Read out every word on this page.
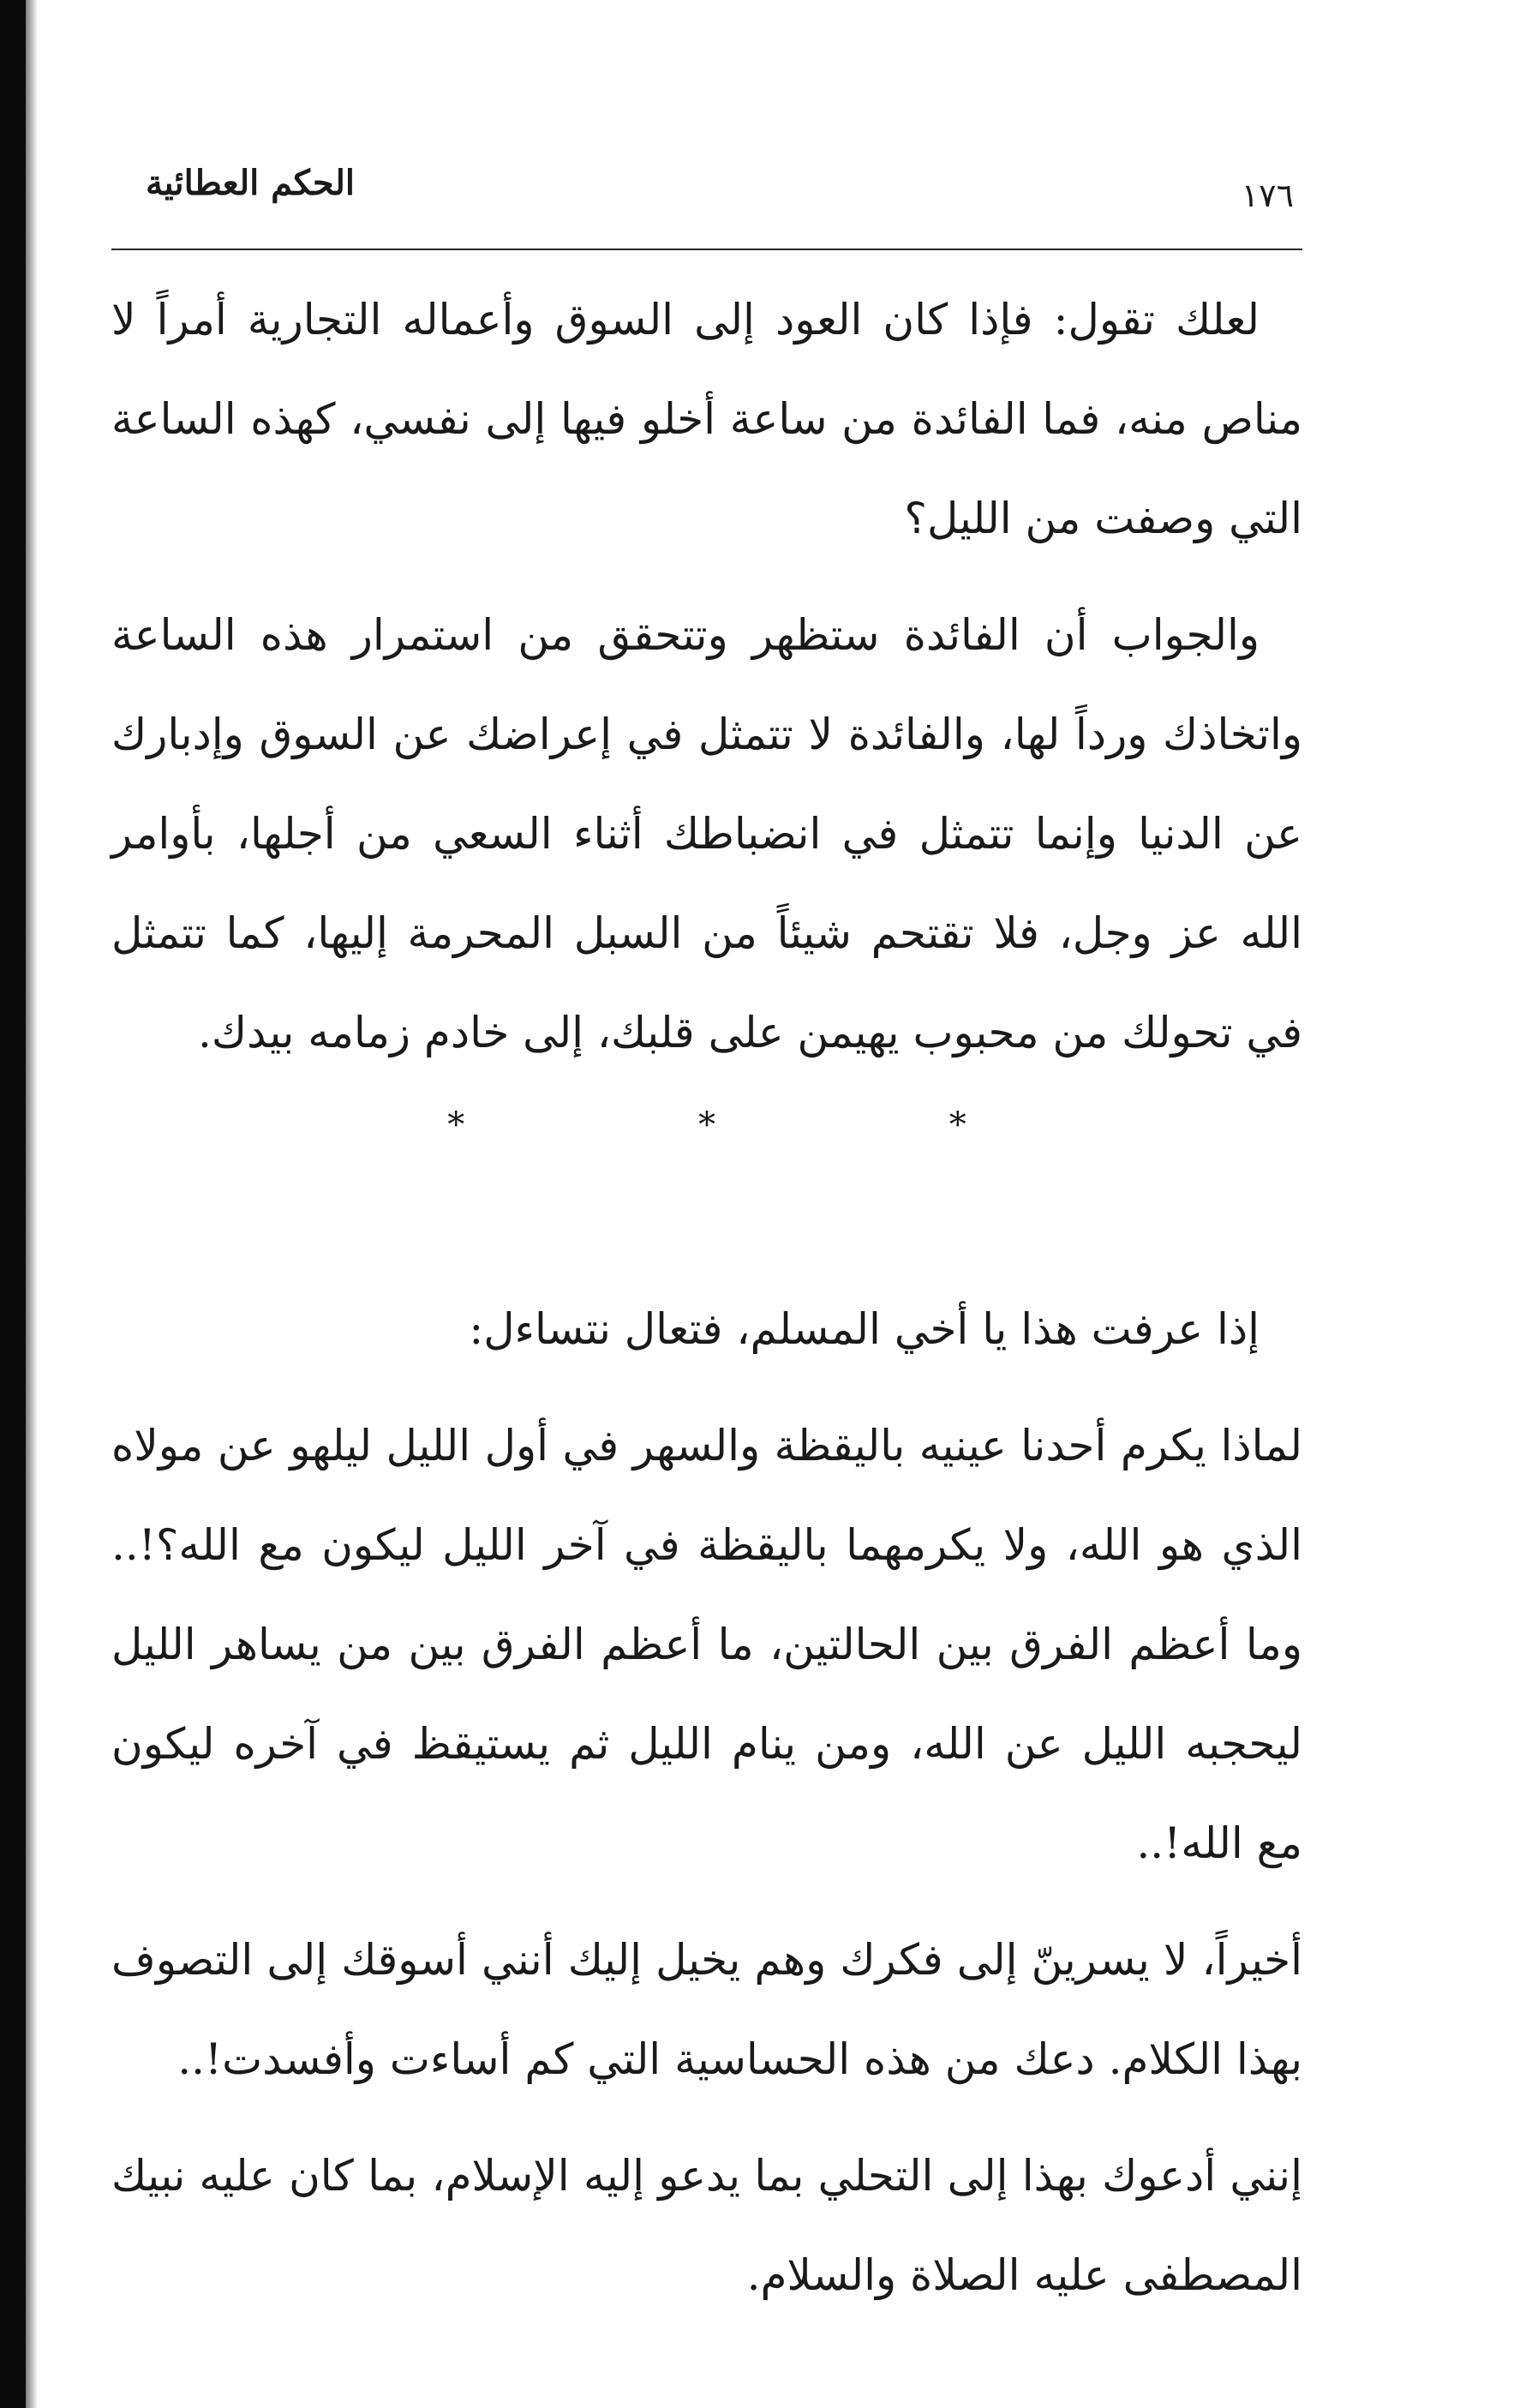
الحكم العطائية	١٧٦

لعلك تقول: فإذا كان العود إلى السوق وأعماله التجارية أمراً لا مناص منه، فما الفائدة من ساعة أخلو فيها إلى نفسي، كهذه الساعة التي وصفت من الليل؟

والجواب أن الفائدة ستظهر وتتحقق من استمرار هذه الساعة واتخاذك ورداً لها، والفائدة لا تتمثل في إعراضك عن السوق وإدبارك عن الدنيا وإنما تتمثل في انضباطك أثناء السعي من أجلها، بأوامر الله عز وجل، فلا تقتحم شيئاً من السبل المحرمة إليها، كما تتمثل في تحولك من محبوب يهيمن على قلبك، إلى خادم زمامه بيدك.

* * *

إذا عرفت هذا يا أخي المسلم، فتعال نتساءل:

لماذا يكرم أحدنا عينيه باليقظة والسهر في أول الليل ليلهو عن مولاه الذي هو الله، ولا يكرمهما باليقظة في آخر الليل ليكون مع الله؟!.. وما أعظم الفرق بين الحالتين، ما أعظم الفرق بين من يساهر الليل ليحجبه الليل عن الله، ومن ينام الليل ثم يستيقظ في آخره ليكون مع الله!..

أخيراً، لا يسرينّ إلى فكرك وهم يخيل إليك أنني أسوقك إلى التصوف بهذا الكلام. دعك من هذه الحساسية التي كم أساءت وأفسدت!..

إنني أدعوك بهذا إلى التحلي بما يدعو إليه الإسلام، بما كان عليه نبيك المصطفى عليه الصلاة والسلام.
